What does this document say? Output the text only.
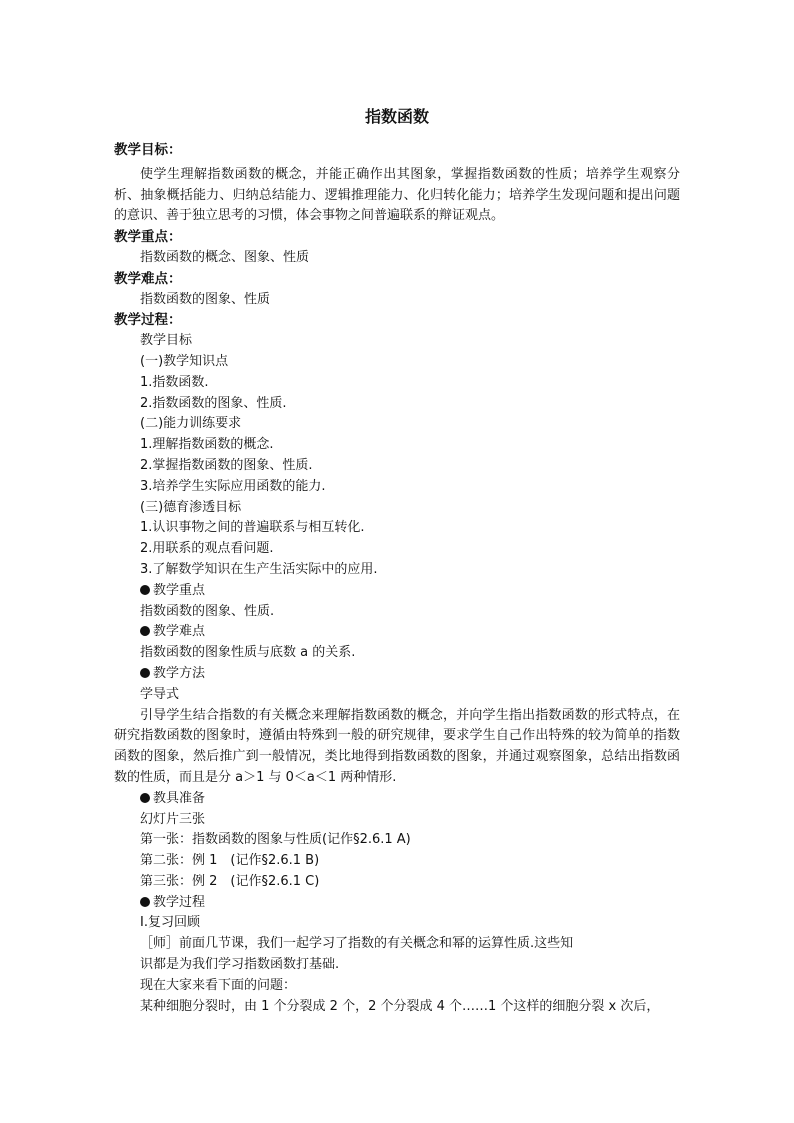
指数函数

教学目标：

使学生理解指数函数的概念，并能正确作出其图象，掌握指数函数的性质；培养学生观察分析、抽象概括能力、归纳总结能力、逻辑推理能力、化归转化能力；培养学生发现问题和提出问题的意识、善于独立思考的习惯，体会事物之间普遍联系的辩证观点。

教学重点：

指数函数的概念、图象、性质

教学难点：

指数函数的图象、性质

教学过程：

教学目标

(一)教学知识点

1.指数函数.

2.指数函数的图象、性质.

(二)能力训练要求

1.理解指数函数的概念.

2.掌握指数函数的图象、性质.

3.培养学生实际应用函数的能力.

(三)德育渗透目标

1.认识事物之间的普遍联系与相互转化.

2.用联系的观点看问题.

3.了解数学知识在生产生活实际中的应用.

教学重点

指数函数的图象、性质.

教学难点

指数函数的图象性质与底数 a 的关系.

教学方法

学导式

引导学生结合指数的有关概念来理解指数函数的概念，并向学生指出指数函数的形式特点，在研究指数函数的图象时，遵循由特殊到一般的研究规律，要求学生自己作出特殊的较为简单的指数函数的图象，然后推广到一般情况，类比地得到指数函数的图象，并通过观察图象，总结出指数函数的性质，而且是分 a＞1 与 0＜a＜1 两种情形.

教具准备

幻灯片三张

第一张：指数函数的图象与性质(记作§2.6.1 A)

第二张：例 1　(记作§2.6.1 B)

第三张：例 2　(记作§2.6.1 C)

教学过程

Ⅰ.复习回顾

［师］前面几节课，我们一起学习了指数的有关概念和幂的运算性质.这些知

识都是为我们学习指数函数打基础.

现在大家来看下面的问题：

某种细胞分裂时，由 1 个分裂成 2 个，2 个分裂成 4 个……1 个这样的细胞分裂 x 次后，
